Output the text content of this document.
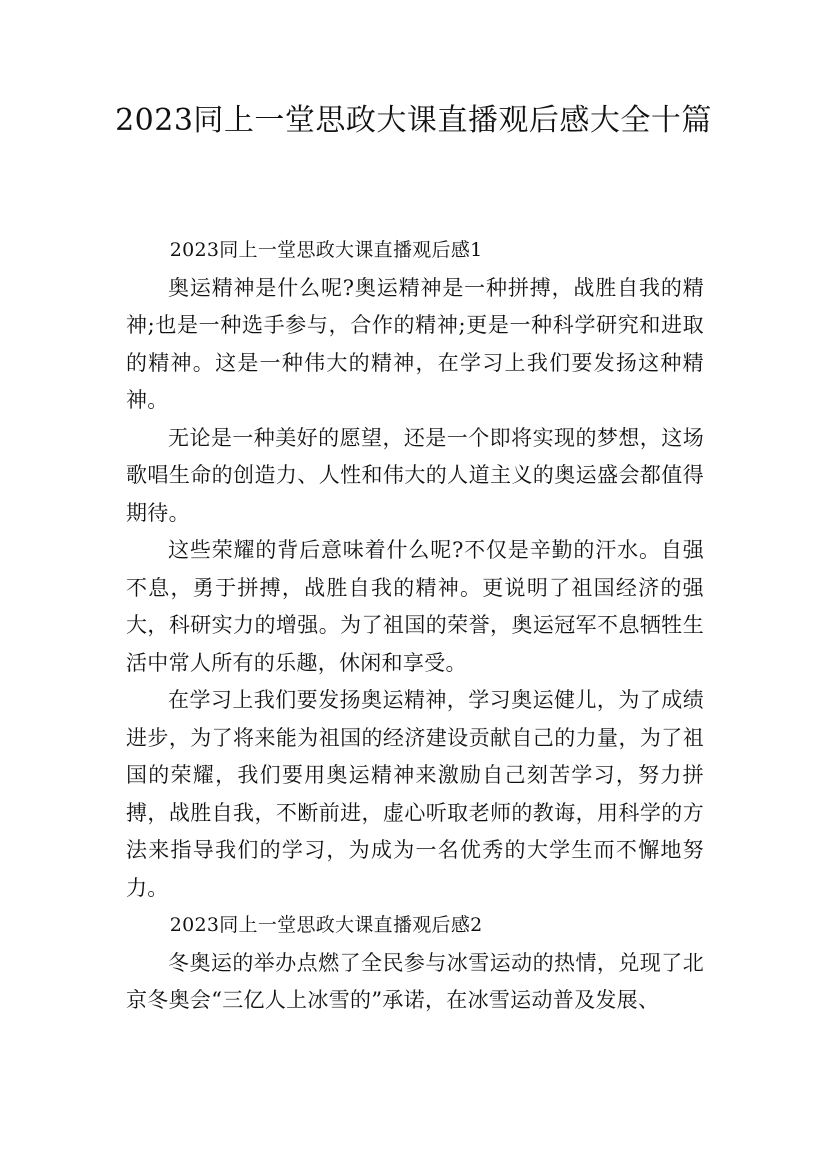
2023同上一堂思政大课直播观后感大全十篇
2023同上一堂思政大课直播观后感1

奥运精神是什么呢?奥运精神是一种拼搏，战胜自我的精神;也是一种选手参与，合作的精神;更是一种科学研究和进取的精神。这是一种伟大的精神，在学习上我们要发扬这种精神。

无论是一种美好的愿望，还是一个即将实现的梦想，这场歌唱生命的创造力、人性和伟大的人道主义的奥运盛会都值得期待。

这些荣耀的背后意味着什么呢?不仅是辛勤的汗水。自强不息，勇于拼搏，战胜自我的精神。更说明了祖国经济的强大，科研实力的增强。为了祖国的荣誉，奥运冠军不息牺牲生活中常人所有的乐趣，休闲和享受。

在学习上我们要发扬奥运精神，学习奥运健儿，为了成绩进步，为了将来能为祖国的经济建设贡献自己的力量，为了祖国的荣耀，我们要用奥运精神来激励自己刻苦学习，努力拼搏，战胜自我，不断前进，虚心听取老师的教诲，用科学的方法来指导我们的学习，为成为一名优秀的大学生而不懈地努力。

2023同上一堂思政大课直播观后感2

冬奥运的举办点燃了全民参与冰雪运动的热情，兑现了北京冬奥会“三亿人上冰雪的”承诺，在冰雪运动普及发展、
